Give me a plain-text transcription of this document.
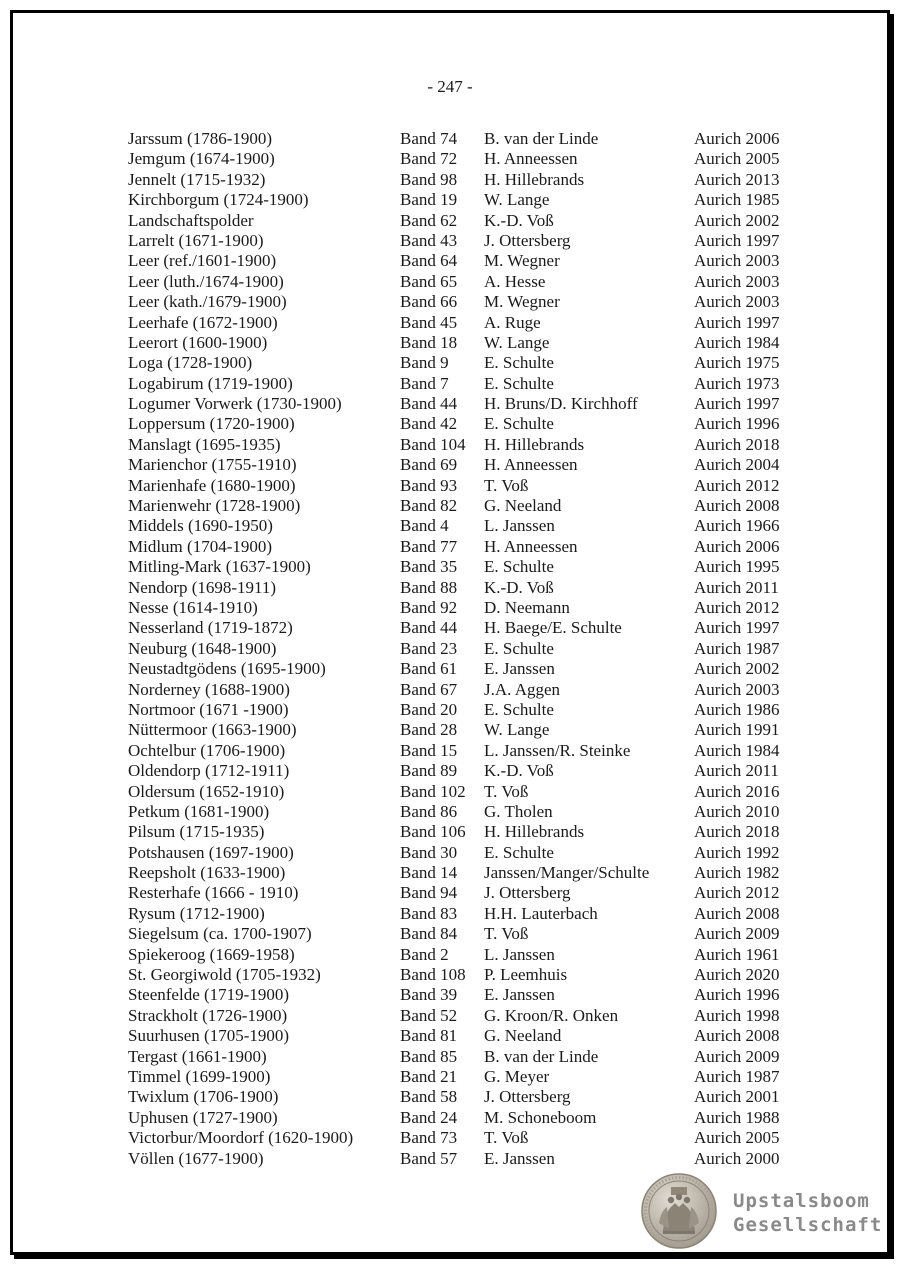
- 247 -
Jarssum (1786-1900)	Band 74 B. van der Linde	Aurich 2006
Jemgum (1674-1900)	Band 72 H. Anneessen	Aurich 2005
Jennelt (1715-1932)	Band 98 H. Hillebrands	Aurich 2013
Kirchborgum (1724-1900)	Band 19 W. Lange	Aurich 1985
Landschaftspolder	Band 62 K.-D. Voß	Aurich 2002
Larrelt (1671-1900)	Band 43 J. Ottersberg	Aurich 1997
Leer (ref./1601-1900)	Band 64 M. Wegner	Aurich 2003
Leer (luth./1674-1900)	Band 65 A. Hesse	Aurich 2003
Leer (kath./1679-1900)	Band 66 M. Wegner	Aurich 2003
Leerhafe (1672-1900)	Band 45 A. Ruge	Aurich 1997
Leerort (1600-1900)	Band 18 W. Lange	Aurich 1984
Loga (1728-1900)	Band 9 E. Schulte	Aurich 1975
Logabirum (1719-1900)	Band 7 E. Schulte	Aurich 1973
Logumer Vorwerk (1730-1900)	Band 44 H. Bruns/D. Kirchhoff	Aurich 1997
Loppersum (1720-1900)	Band 42 E. Schulte	Aurich 1996
Manslagt (1695-1935)	Band 104 H. Hillebrands	Aurich 2018
Marienchor (1755-1910)	Band 69 H. Anneessen	Aurich 2004
Marienhafe (1680-1900)	Band 93 T. Voß	Aurich 2012
Marienwehr (1728-1900)	Band 82 G. Neeland	Aurich 2008
Middels (1690-1950)	Band 4 L. Janssen	Aurich 1966
Midlum (1704-1900)	Band 77 H. Anneessen	Aurich 2006
Mitling-Mark (1637-1900)	Band 35 E. Schulte	Aurich 1995
Nendorp (1698-1911)	Band 88 K.-D. Voß	Aurich 2011
Nesse (1614-1910)	Band 92 D. Neemann	Aurich 2012
Nesserland (1719-1872)	Band 44 H. Baege/E. Schulte	Aurich 1997
Neuburg (1648-1900)	Band 23 E. Schulte	Aurich 1987
Neustadtgödens (1695-1900)	Band 61 E. Janssen	Aurich 2002
Norderney (1688-1900)	Band 67 J.A. Aggen	Aurich 2003
Nortmoor (1671 -1900)	Band 20 E. Schulte	Aurich 1986
Nüttermoor (1663-1900)	Band 28 W. Lange	Aurich 1991
Ochtelbur (1706-1900)	Band 15 L. Janssen/R. Steinke	Aurich 1984
Oldendorp (1712-1911)	Band 89 K.-D. Voß	Aurich 2011
Oldersum (1652-1910)	Band 102 T. Voß	Aurich 2016
Petkum (1681-1900)	Band 86 G. Tholen	Aurich 2010
Pilsum (1715-1935)	Band 106 H. Hillebrands	Aurich 2018
Potshausen (1697-1900)	Band 30 E. Schulte	Aurich 1992
Reepsholt (1633-1900)	Band 14 Janssen/Manger/Schulte	Aurich 1982
Resterhafe (1666 - 1910)	Band 94 J. Ottersberg	Aurich 2012
Rysum (1712-1900)	Band 83 H.H. Lauterbach	Aurich 2008
Siegelsum (ca. 1700-1907)	Band 84 T. Voß	Aurich 2009
Spiekeroog (1669-1958)	Band 2 L. Janssen	Aurich 1961
St. Georgiwold (1705-1932)	Band 108 P. Leemhuis	Aurich 2020
Steenfelde (1719-1900)	Band 39 E. Janssen	Aurich 1996
Strackholt (1726-1900)	Band 52 G. Kroon/R. Onken	Aurich 1998
Suurhusen (1705-1900)	Band 81 G. Neeland	Aurich 2008
Tergast (1661-1900)	Band 85 B. van der Linde	Aurich 2009
Timmel (1699-1900)	Band 21 G. Meyer	Aurich 1987
Twixlum (1706-1900)	Band 58 J. Ottersberg	Aurich 2001
Uphusen (1727-1900)	Band 24 M. Schoneboom	Aurich 1988
Victorbur/Moordorf (1620-1900)	Band 73 T. Voß	Aurich 2005
Völlen (1677-1900)	Band 57 E. Janssen	Aurich 2000
Upstalsboom
Gesellschaft
